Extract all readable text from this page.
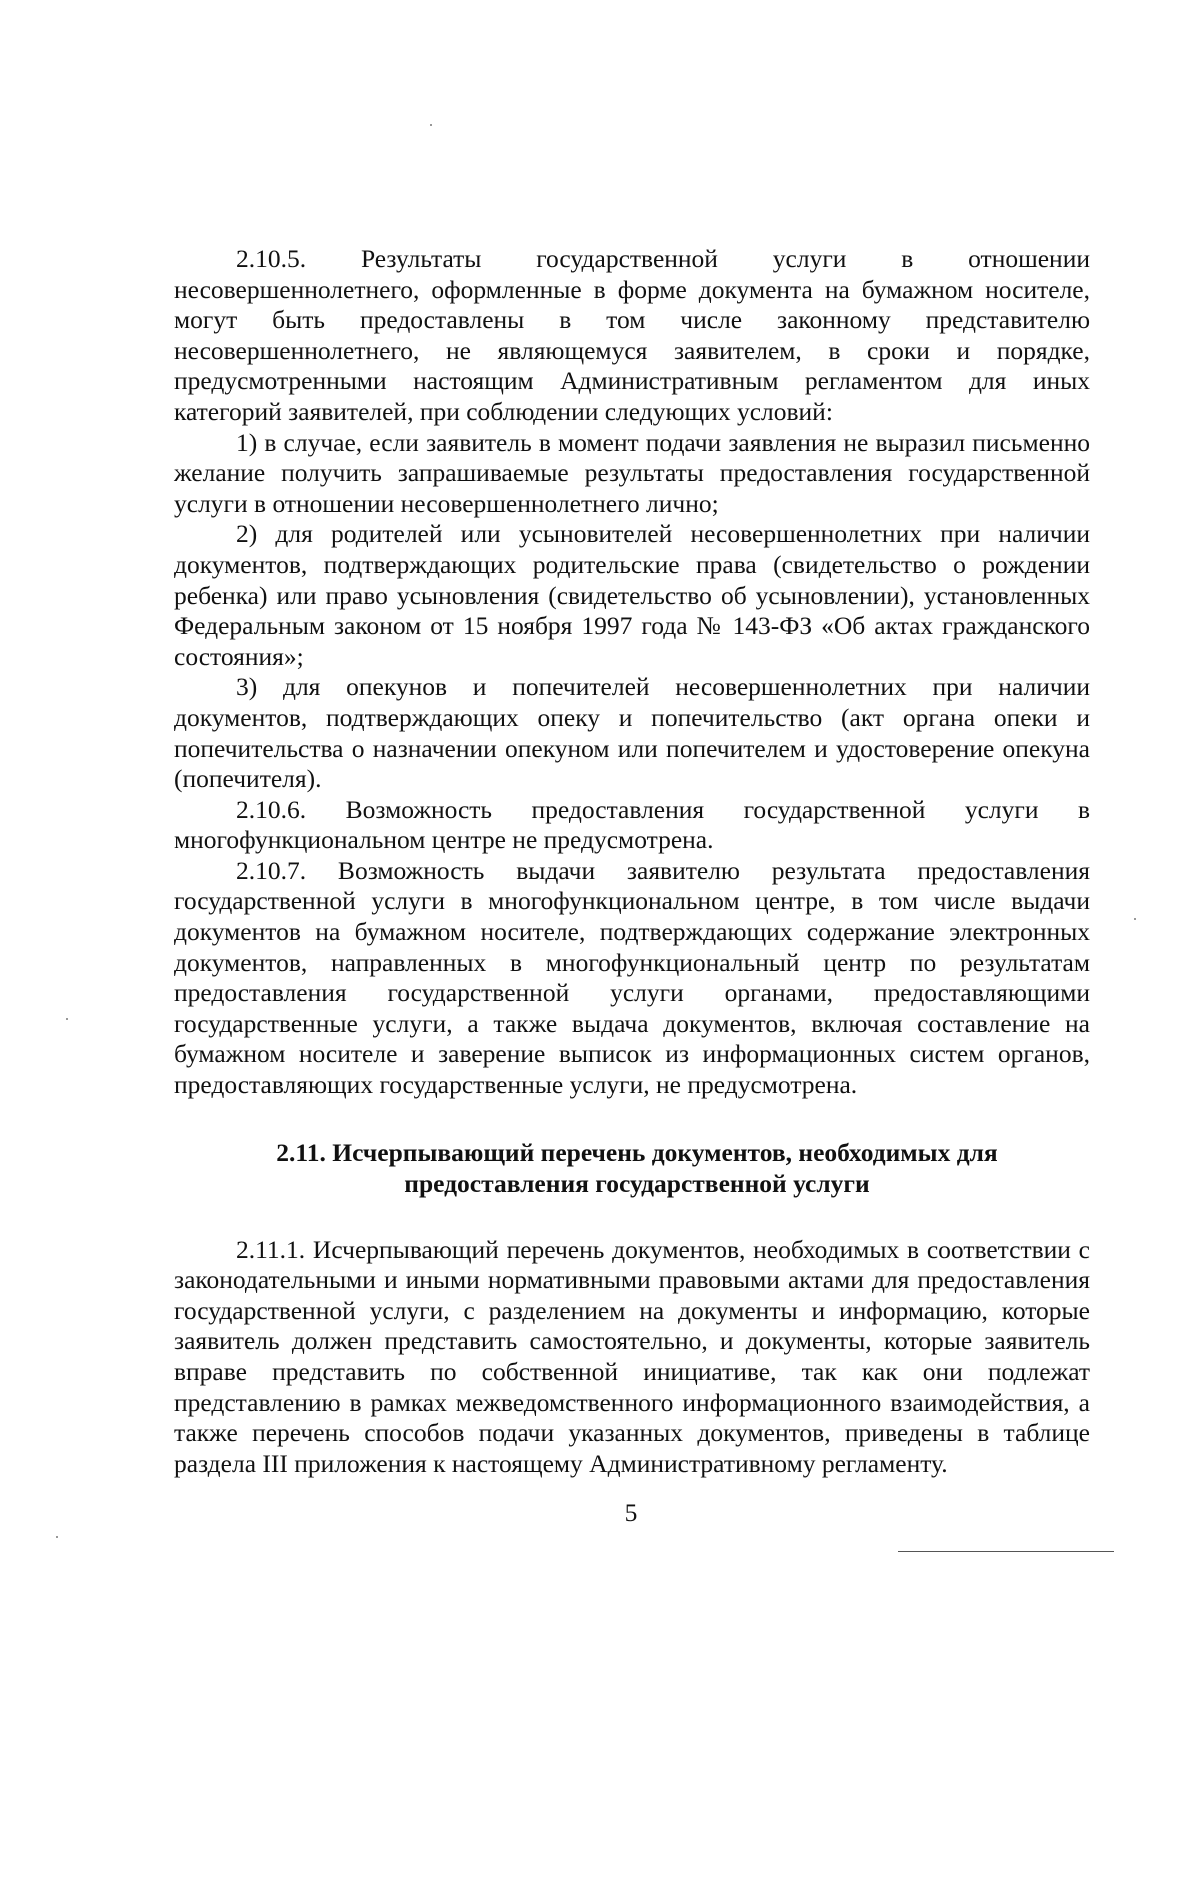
2.10.5. Результаты государственной услуги в отношении несовершеннолетнего, оформленные в форме документа на бумажном носителе, могут быть предоставлены в том числе законному представителю несовершеннолетнего, не являющемуся заявителем, в сроки и порядке, предусмотренными настоящим Административным регламентом для иных категорий заявителей, при соблюдении следующих условий:

1) в случае, если заявитель в момент подачи заявления не выразил письменно желание получить запрашиваемые результаты предоставления государственной услуги в отношении несовершеннолетнего лично;

2) для родителей или усыновителей несовершеннолетних при наличии документов, подтверждающих родительские права (свидетельство о рождении ребенка) или право усыновления (свидетельство об усыновлении), установленных Федеральным законом от 15 ноября 1997 года № 143-ФЗ «Об актах гражданского состояния»;

3) для опекунов и попечителей несовершеннолетних при наличии документов, подтверждающих опеку и попечительство (акт органа опеки и попечительства о назначении опекуном или попечителем и удостоверение опекуна (попечителя).

2.10.6. Возможность предоставления государственной услуги в многофункциональном центре не предусмотрена.

2.10.7. Возможность выдачи заявителю результата предоставления государственной услуги в многофункциональном центре, в том числе выдачи документов на бумажном носителе, подтверждающих содержание электронных документов, направленных в многофункциональный центр по результатам предоставления государственной услуги органами, предоставляющими государственные услуги, а также выдача документов, включая составление на бумажном носителе и заверение выписок из информационных систем органов, предоставляющих государственные услуги, не предусмотрена.

2.11. Исчерпывающий перечень документов, необходимых для предоставления государственной услуги

2.11.1. Исчерпывающий перечень документов, необходимых в соответствии с законодательными и иными нормативными правовыми актами для предоставления государственной услуги, с разделением на документы и информацию, которые заявитель должен представить самостоятельно, и документы, которые заявитель вправе представить по собственной инициативе, так как они подлежат представлению в рамках межведомственного информационного взаимодействия, а также перечень способов подачи указанных документов, приведены в таблице раздела III приложения к настоящему Административному регламенту.

5
